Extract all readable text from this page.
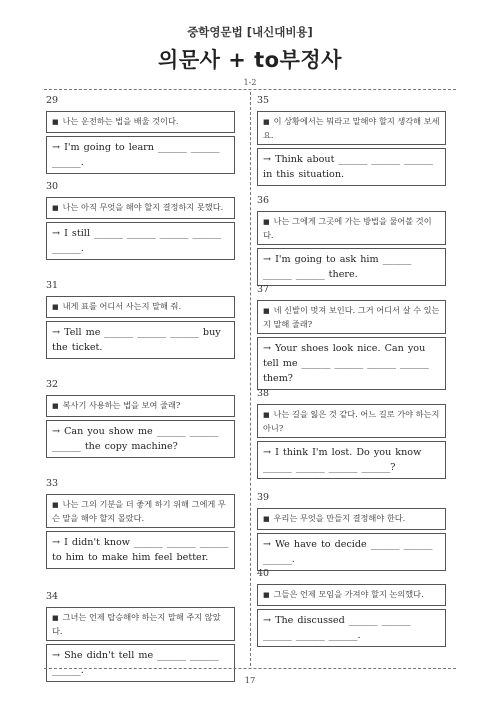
중학영문법 [내신대비용]
의문사 + to부정사
1-2
29
■ 나는 운전하는 법을 배울 것이다.
→ I'm going to learn ______ ______ ______.
30
■ 나는 아직 무엇을 해야 할지 결정하지 못했다.
→ I still ______ ______ ______ ______ ______.
31
■ 내게 표를 어디서 사는지 말해 줘.
→ Tell me ______ ______ ______ buy the ticket.
32
■ 복사기 사용하는 법을 보여 줄래?
→ Can you show me ______ ______ ______ the copy machine?
33
■ 나는 그의 기분을 더 좋게 하기 위해 그에게 무슨 말을 해야 할지 몰랐다.
→ I didn't know ______ ______ ______ to him to make him feel better.
34
■ 그녀는 언제 탑승해야 하는지 말해 주지 않았다.
→ She didn't tell me ______ ______ ______.
35
■ 이 상황에서는 뭐라고 말해야 할지 생각해 보세요.
→ Think about ______ ______ ______ in this situation.
36
■ 나는 그에게 그곳에 가는 방법을 물어볼 것이다.
→ I'm going to ask him ______ ______ ______ there.
37
■ 네 신발이 멋져 보인다. 그거 어디서 살 수 있는지 말해 줄래?
→ Your shoes look nice. Can you tell me ______ ______ ______ ______ them?
38
■ 나는 길을 잃은 것 같다. 어느 길로 가야 하는지 아니?
→ I think I'm lost. Do you know ______ ______ ______ ______?
39
■ 우리는 무엇을 만들지 결정해야 한다.
→ We have to decide ______ ______ ______.
40
■ 그들은 언제 모임을 가져야 할지 논의했다.
→ The discussed ______ ______ ______ ______ ______.
17
